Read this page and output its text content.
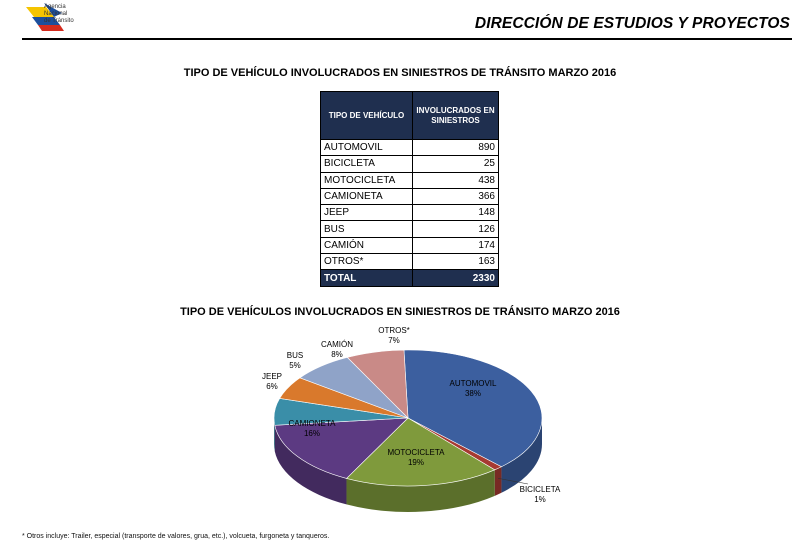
Agencia
Nacional
de Tránsito	DIRECCIÓN DE ESTUDIOS Y PROYECTOS
TIPO DE VEHÍCULO INVOLUCRADOS EN SINIESTROS DE TRÁNSITO MARZO 2016
TIPO DE VEHÍCULO	INVOLUCRADOS EN SINIESTROS
AUTOMOVIL	890
BICICLETA	25
MOTOCICLETA	438
CAMIONETA	366
JEEP	148
BUS	126
CAMIÓN	174
OTROS*	163
TOTAL	2330
TIPO DE VEHÍCULOS INVOLUCRADOS EN SINIESTROS DE TRÁNSITO MARZO 2016
AUTOMOVIL
38%
BICICLETA
1%
MOTOCICLETA
19%
CAMIONETA
16%
JEEP
6%
BUS
5%
CAMIÓN
8%
OTROS*
7%
* Otros incluye: Trailer, especial (transporte de valores, grua, etc.), volcueta, furgoneta y tanqueros.
